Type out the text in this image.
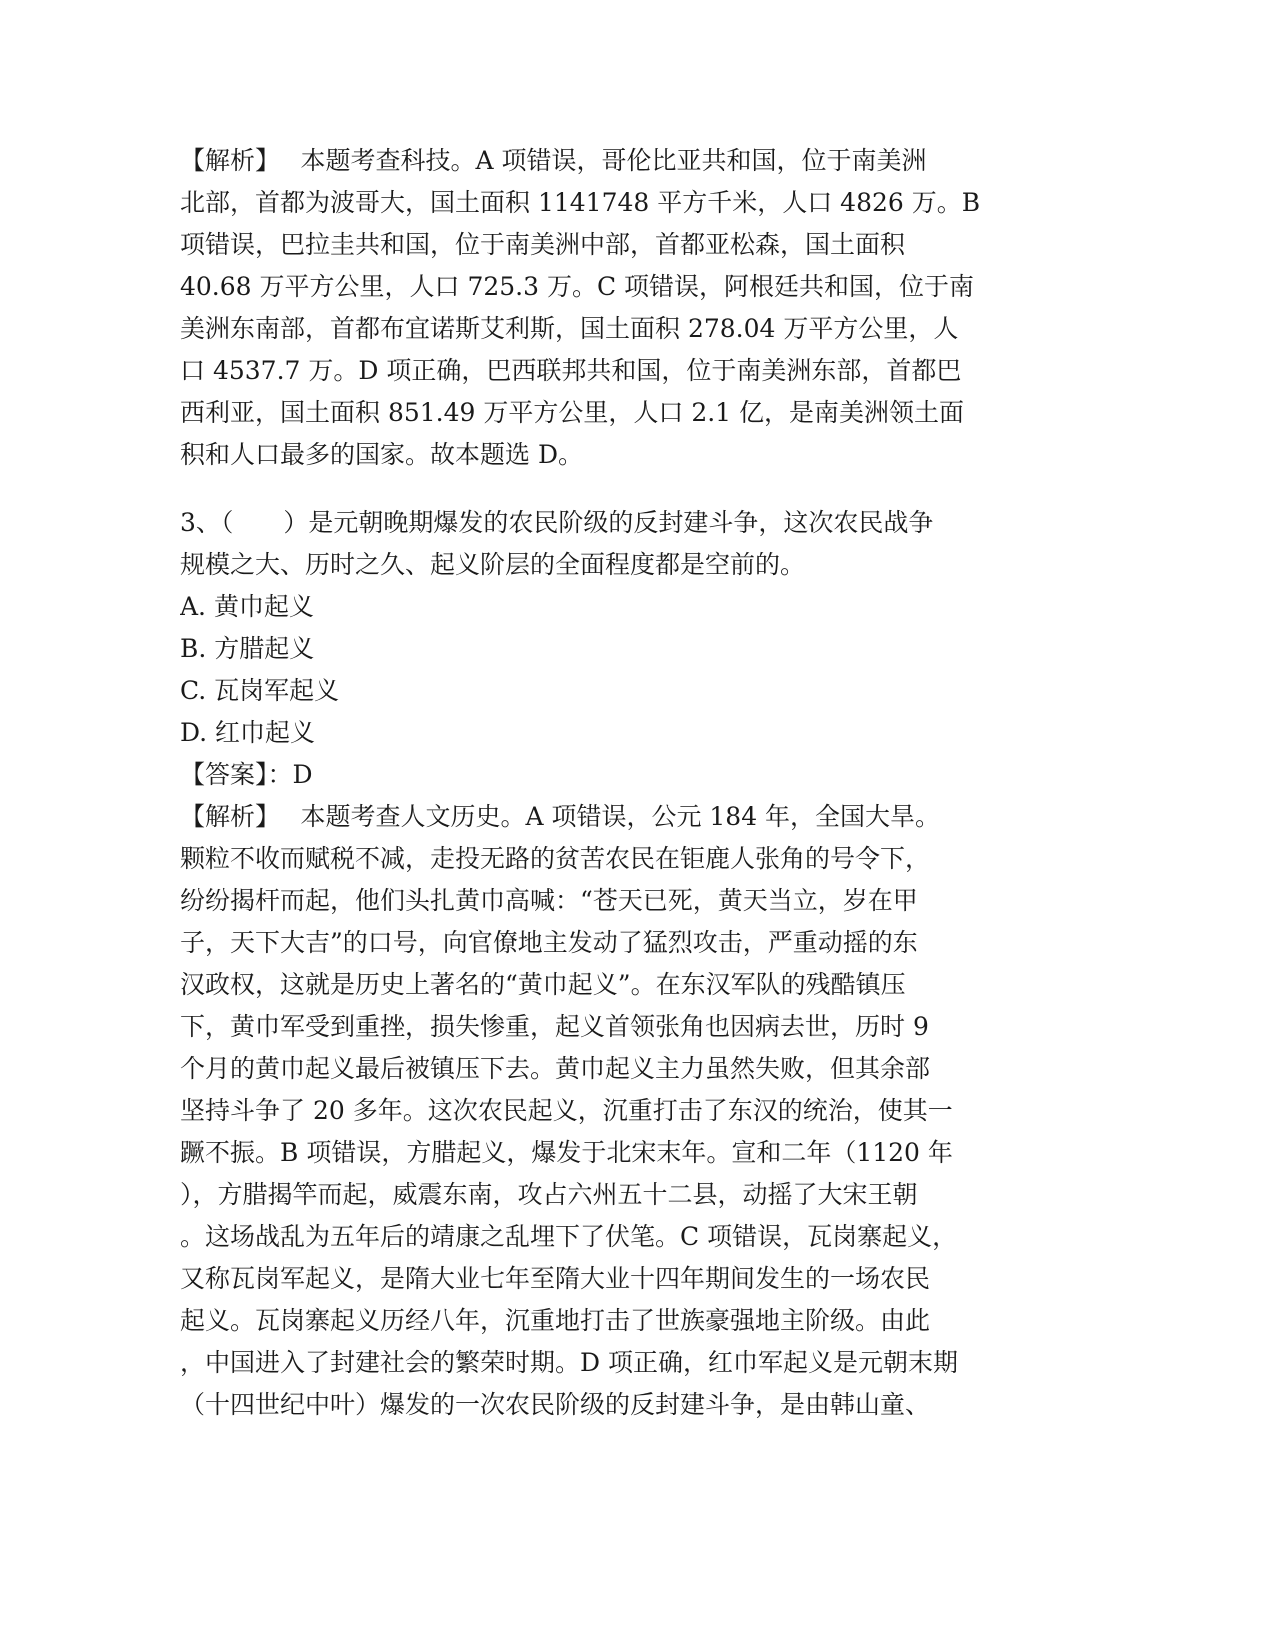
【解析】　 本题考查科技。A 项错误，哥伦比亚共和国，位于南美洲
北部，首都为波哥大，国土面积 1141748 平方千米，人口 4826 万。B
项错误，巴拉圭共和国，位于南美洲中部，首都亚松森，国土面积
40.68 万平方公里，人口 725.3 万。C 项错误，阿根廷共和国，位于南
美洲东南部，首都布宜诺斯艾利斯，国土面积 278.04 万平方公里，人
口 4537.7 万。D 项正确，巴西联邦共和国，位于南美洲东部，首都巴
西利亚，国土面积 851.49 万平方公里，人口 2.1 亿，是南美洲领土面
积和人口最多的国家。故本题选 D。
3、（　　）是元朝晚期爆发的农民阶级的反封建斗争，这次农民战争
规模之大、历时之久、起义阶层的全面程度都是空前的。
A. 黄巾起义
B. 方腊起义
C. 瓦岗军起义
D. 红巾起义
【答案】：D
【解析】　 本题考查人文历史。A 项错误，公元 184 年，全国大旱。
颗粒不收而赋税不减，走投无路的贫苦农民在钜鹿人张角的号令下，
纷纷揭杆而起，他们头扎黄巾高喊：“苍天已死，黄天当立，岁在甲
子，天下大吉”的口号，向官僚地主发动了猛烈攻击，严重动摇的东
汉政权，这就是历史上著名的“黄巾起义”。在东汉军队的残酷镇压
下，黄巾军受到重挫，损失惨重，起义首领张角也因病去世，历时 9
个月的黄巾起义最后被镇压下去。黄巾起义主力虽然失败，但其余部
坚持斗争了 20 多年。这次农民起义，沉重打击了东汉的统治，使其一
蹶不振。B 项错误，方腊起义，爆发于北宋末年。宣和二年（1120 年
），方腊揭竿而起，威震东南，攻占六州五十二县，动摇了大宋王朝
。这场战乱为五年后的靖康之乱埋下了伏笔。C 项错误，瓦岗寨起义，
又称瓦岗军起义，是隋大业七年至隋大业十四年期间发生的一场农民
起义。瓦岗寨起义历经八年，沉重地打击了世族豪强地主阶级。由此
，中国进入了封建社会的繁荣时期。D 项正确，红巾军起义是元朝末期
（十四世纪中叶）爆发的一次农民阶级的反封建斗争，是由韩山童、
